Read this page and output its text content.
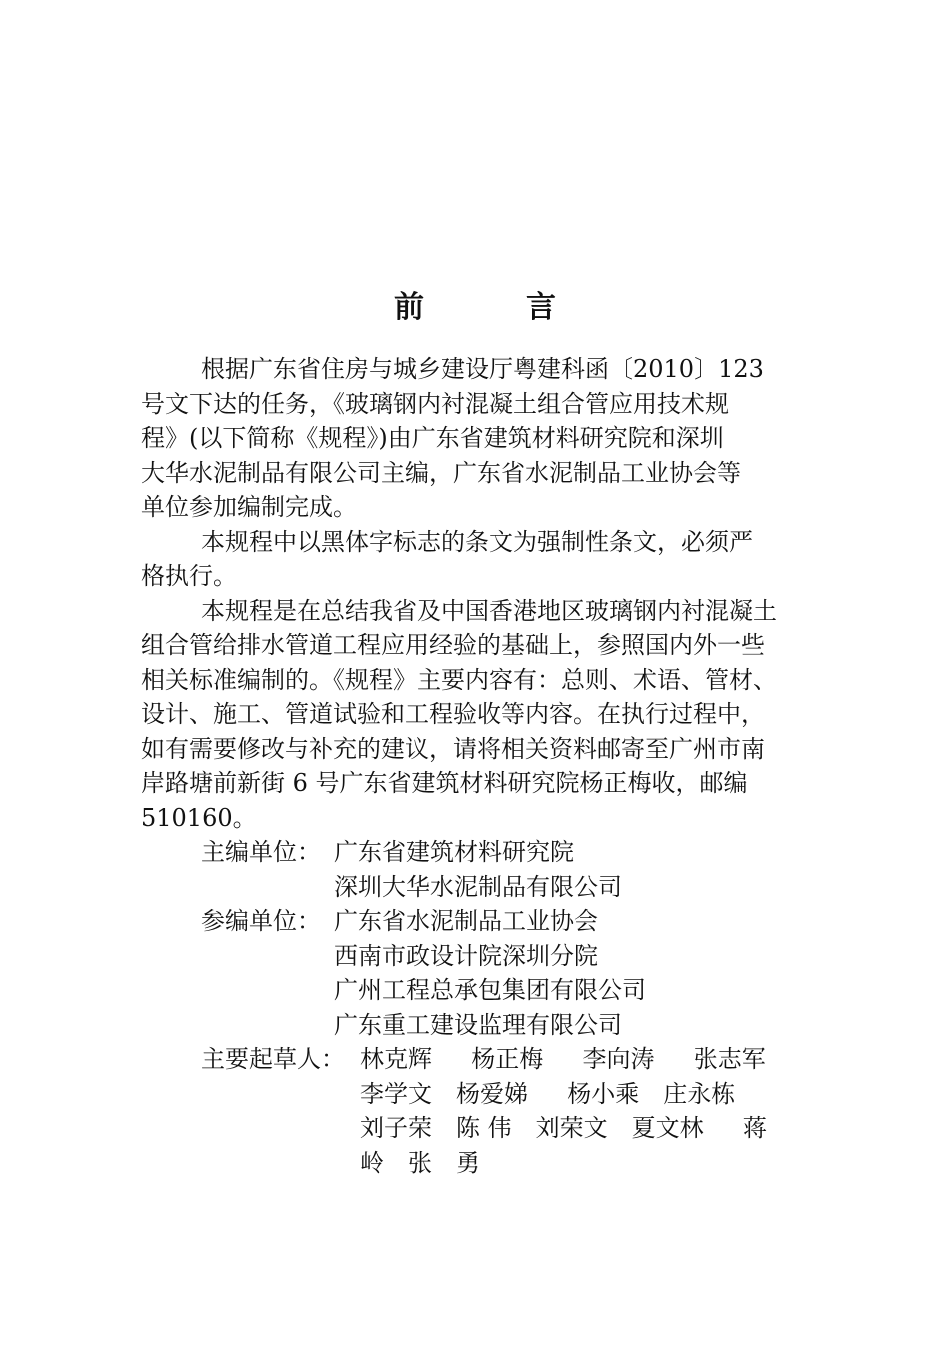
前　言

根据广东省住房与城乡建设厅粤建科函〔2010〕123
号文下达的任务，《玻璃钢内衬混凝土组合管应用技术规
程》(以下简称《规程》)由广东省建筑材料研究院和深圳
大华水泥制品有限公司主编，广东省水泥制品工业协会等
单位参加编制完成。

本规程中以黑体字标志的条文为强制性条文，必须严
格执行。

本规程是在总结我省及中国香港地区玻璃钢内衬混凝土
组合管给排水管道工程应用经验的基础上，参照国内外一些
相关标准编制的。《规程》主要内容有：总则、术语、管材、
设计、施工、管道试验和工程验收等内容。在执行过程中，
如有需要修改与补充的建议，请将相关资料邮寄至广州市南
岸路塘前新街 6 号广东省建筑材料研究院杨正梅收，邮编
510160。

主编单位： 广东省建筑材料研究院
深圳大华水泥制品有限公司
参编单位： 广东省水泥制品工业协会
西南市政设计院深圳分院
广州工程总承包集团有限公司
广东重工建设监理有限公司
主要起草人： 林克辉　  杨正梅　  李向涛　  张志军
李学文　杨爱娣　  杨小乘　庄永栋
刘子荣　陈 伟　刘荣文　夏文林　  蒋
岭　张　勇
